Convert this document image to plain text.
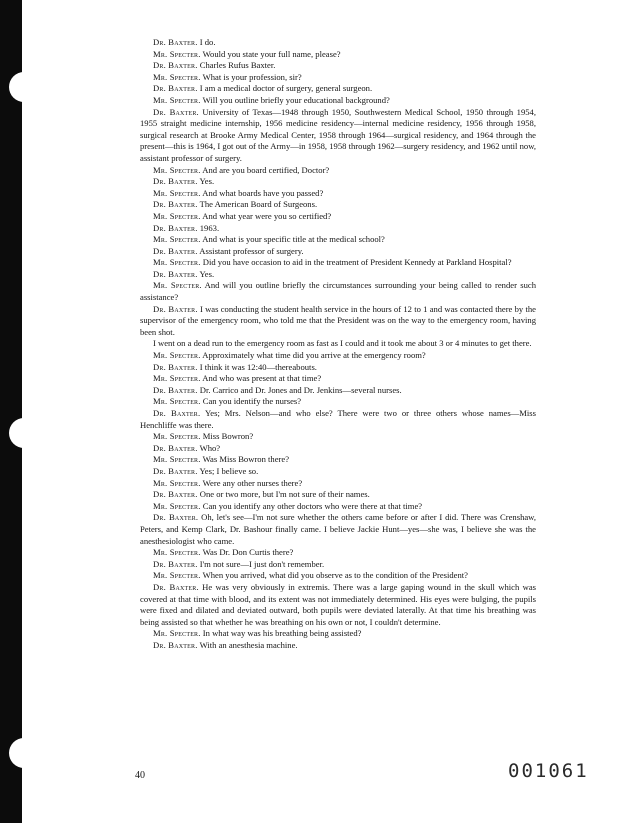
Dr. Baxter. I do.

Mr. Specter. Would you state your full name, please?

Dr. Baxter. Charles Rufus Baxter.

Mr. Specter. What is your profession, sir?

Dr. Baxter. I am a medical doctor of surgery, general surgeon.

Mr. Specter. Will you outline briefly your educational background?

Dr. Baxter. University of Texas—1948 through 1950, Southwestern Medical School, 1950 through 1954, 1955 straight medicine internship, 1956 medicine residency—internal medicine residency, 1956 through 1958, surgical research at Brooke Army Medical Center, 1958 through 1964—surgical residency, and 1964 through the present—this is 1964, I got out of the Army—in 1958, 1958 through 1962—surgery residency, and 1962 until now, assistant professor of surgery.

Mr. Specter. And are you board certified, Doctor?

Dr. Baxter. Yes.

Mr. Specter. And what boards have you passed?

Dr. Baxter. The American Board of Surgeons.

Mr. Specter. And what year were you so certified?

Dr. Baxter. 1963.

Mr. Specter. And what is your specific title at the medical school?

Dr. Baxter. Assistant professor of surgery.

Mr. Specter. Did you have occasion to aid in the treatment of President Kennedy at Parkland Hospital?

Dr. Baxter. Yes.

Mr. Specter. And will you outline briefly the circumstances surrounding your being called to render such assistance?

Dr. Baxter. I was conducting the student health service in the hours of 12 to 1 and was contacted there by the supervisor of the emergency room, who told me that the President was on the way to the emergency room, having been shot.

I went on a dead run to the emergency room as fast as I could and it took me about 3 or 4 minutes to get there.

Mr. Specter. Approximately what time did you arrive at the emergency room?

Dr. Baxter. I think it was 12:40—thereabouts.

Mr. Specter. And who was present at that time?

Dr. Baxter. Dr. Carrico and Dr. Jones and Dr. Jenkins—several nurses.

Mr. Specter. Can you identify the nurses?

Dr. Baxter. Yes; Mrs. Nelson—and who else? There were two or three others whose names—Miss Henchliffe was there.

Mr. Specter. Miss Bowron?

Dr. Baxter. Who?

Mr. Specter. Was Miss Bowron there?

Dr. Baxter. Yes; I believe so.

Mr. Specter. Were any other nurses there?

Dr. Baxter. One or two more, but I'm not sure of their names.

Mr. Specter. Can you identify any other doctors who were there at that time?

Dr. Baxter. Oh, let's see—I'm not sure whether the others came before or after I did. There was Crenshaw, Peters, and Kemp Clark, Dr. Bashour finally came. I believe Jackie Hunt—yes—she was, I believe she was the anesthesiologist who came.

Mr. Specter. Was Dr. Don Curtis there?

Dr. Baxter. I'm not sure—I just don't remember.

Mr. Specter. When you arrived, what did you observe as to the condition of the President?

Dr. Baxter. He was very obviously in extremis. There was a large gaping wound in the skull which was covered at that time with blood, and its extent was not immediately determined. His eyes were bulging, the pupils were fixed and dilated and deviated outward, both pupils were deviated laterally. At that time his breathing was being assisted so that whether he was breathing on his own or not, I couldn't determine.

Mr. Specter. In what way was his breathing being assisted?

Dr. Baxter. With an anesthesia machine.

40	001061
